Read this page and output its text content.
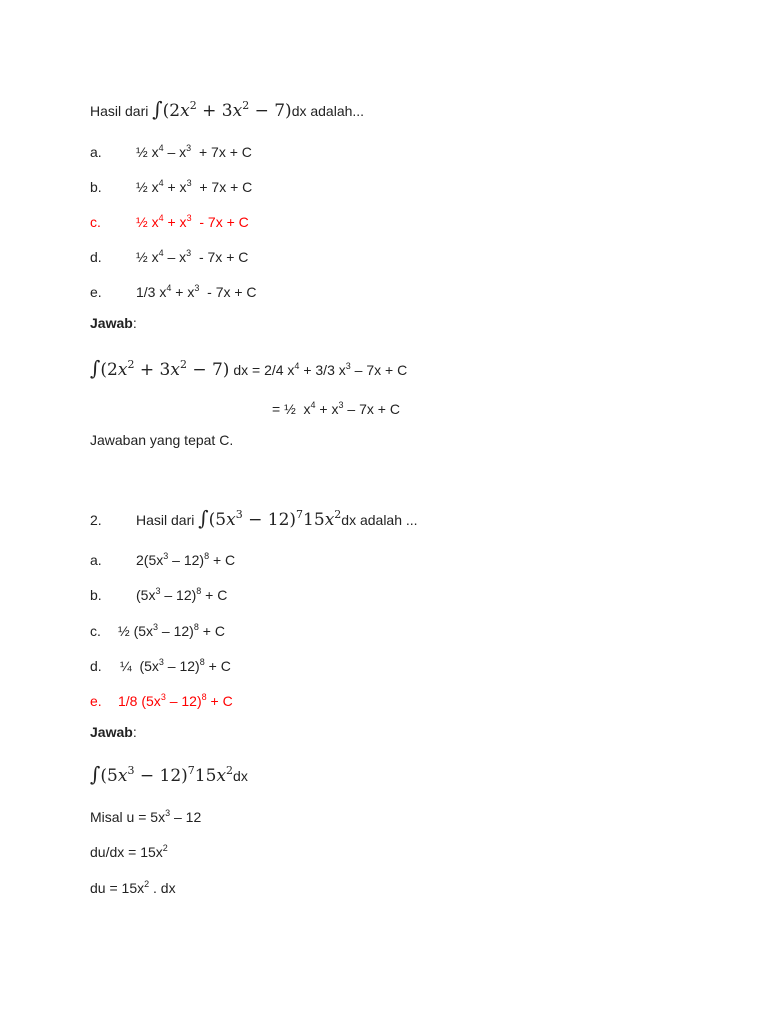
Hasil dari $\int(2x^2 + 3x^2 - 7)dx$ adalah...
a. ½ $x^4 - x^3 + 7x + C$
b. ½ $x^4 + x^3 + 7x + C$
c.	½ $x^4 + x^3 - 7x + C$
d. ½ $x^4 - x^3 - 7x + C$
e. 1/3 $x^4 + x^3 - 7x + C$
Jawab:
$\int(2x^2 + 3x^2 - 7)$ dx = 2/4 $x^4 + 3/3$ $x^3 - 7x + C$
= ½  $x^4 + x^3 - 7x + C$
Jawaban yang tepat C.
2. Hasil dari $\int(5x^3 - 12)^715x^2dx$ adalah ...
a. $2(5x^3 - 12)^8 + C$
b. $(5x^3 - 12)^8 + C$
c. ½ $(5x^3 - 12)^8 + C$
d. ¼  $(5x^3 - 12)^8 + C$
e. 1/8 $(5x^3 - 12)^8 + C$
Jawab:
$\int(5x^3 - 12)^715x^2dx$
Misal $u = 5x^3 - 12$
$du/dx = 15x^2$
du = $15x^2$ . dx
